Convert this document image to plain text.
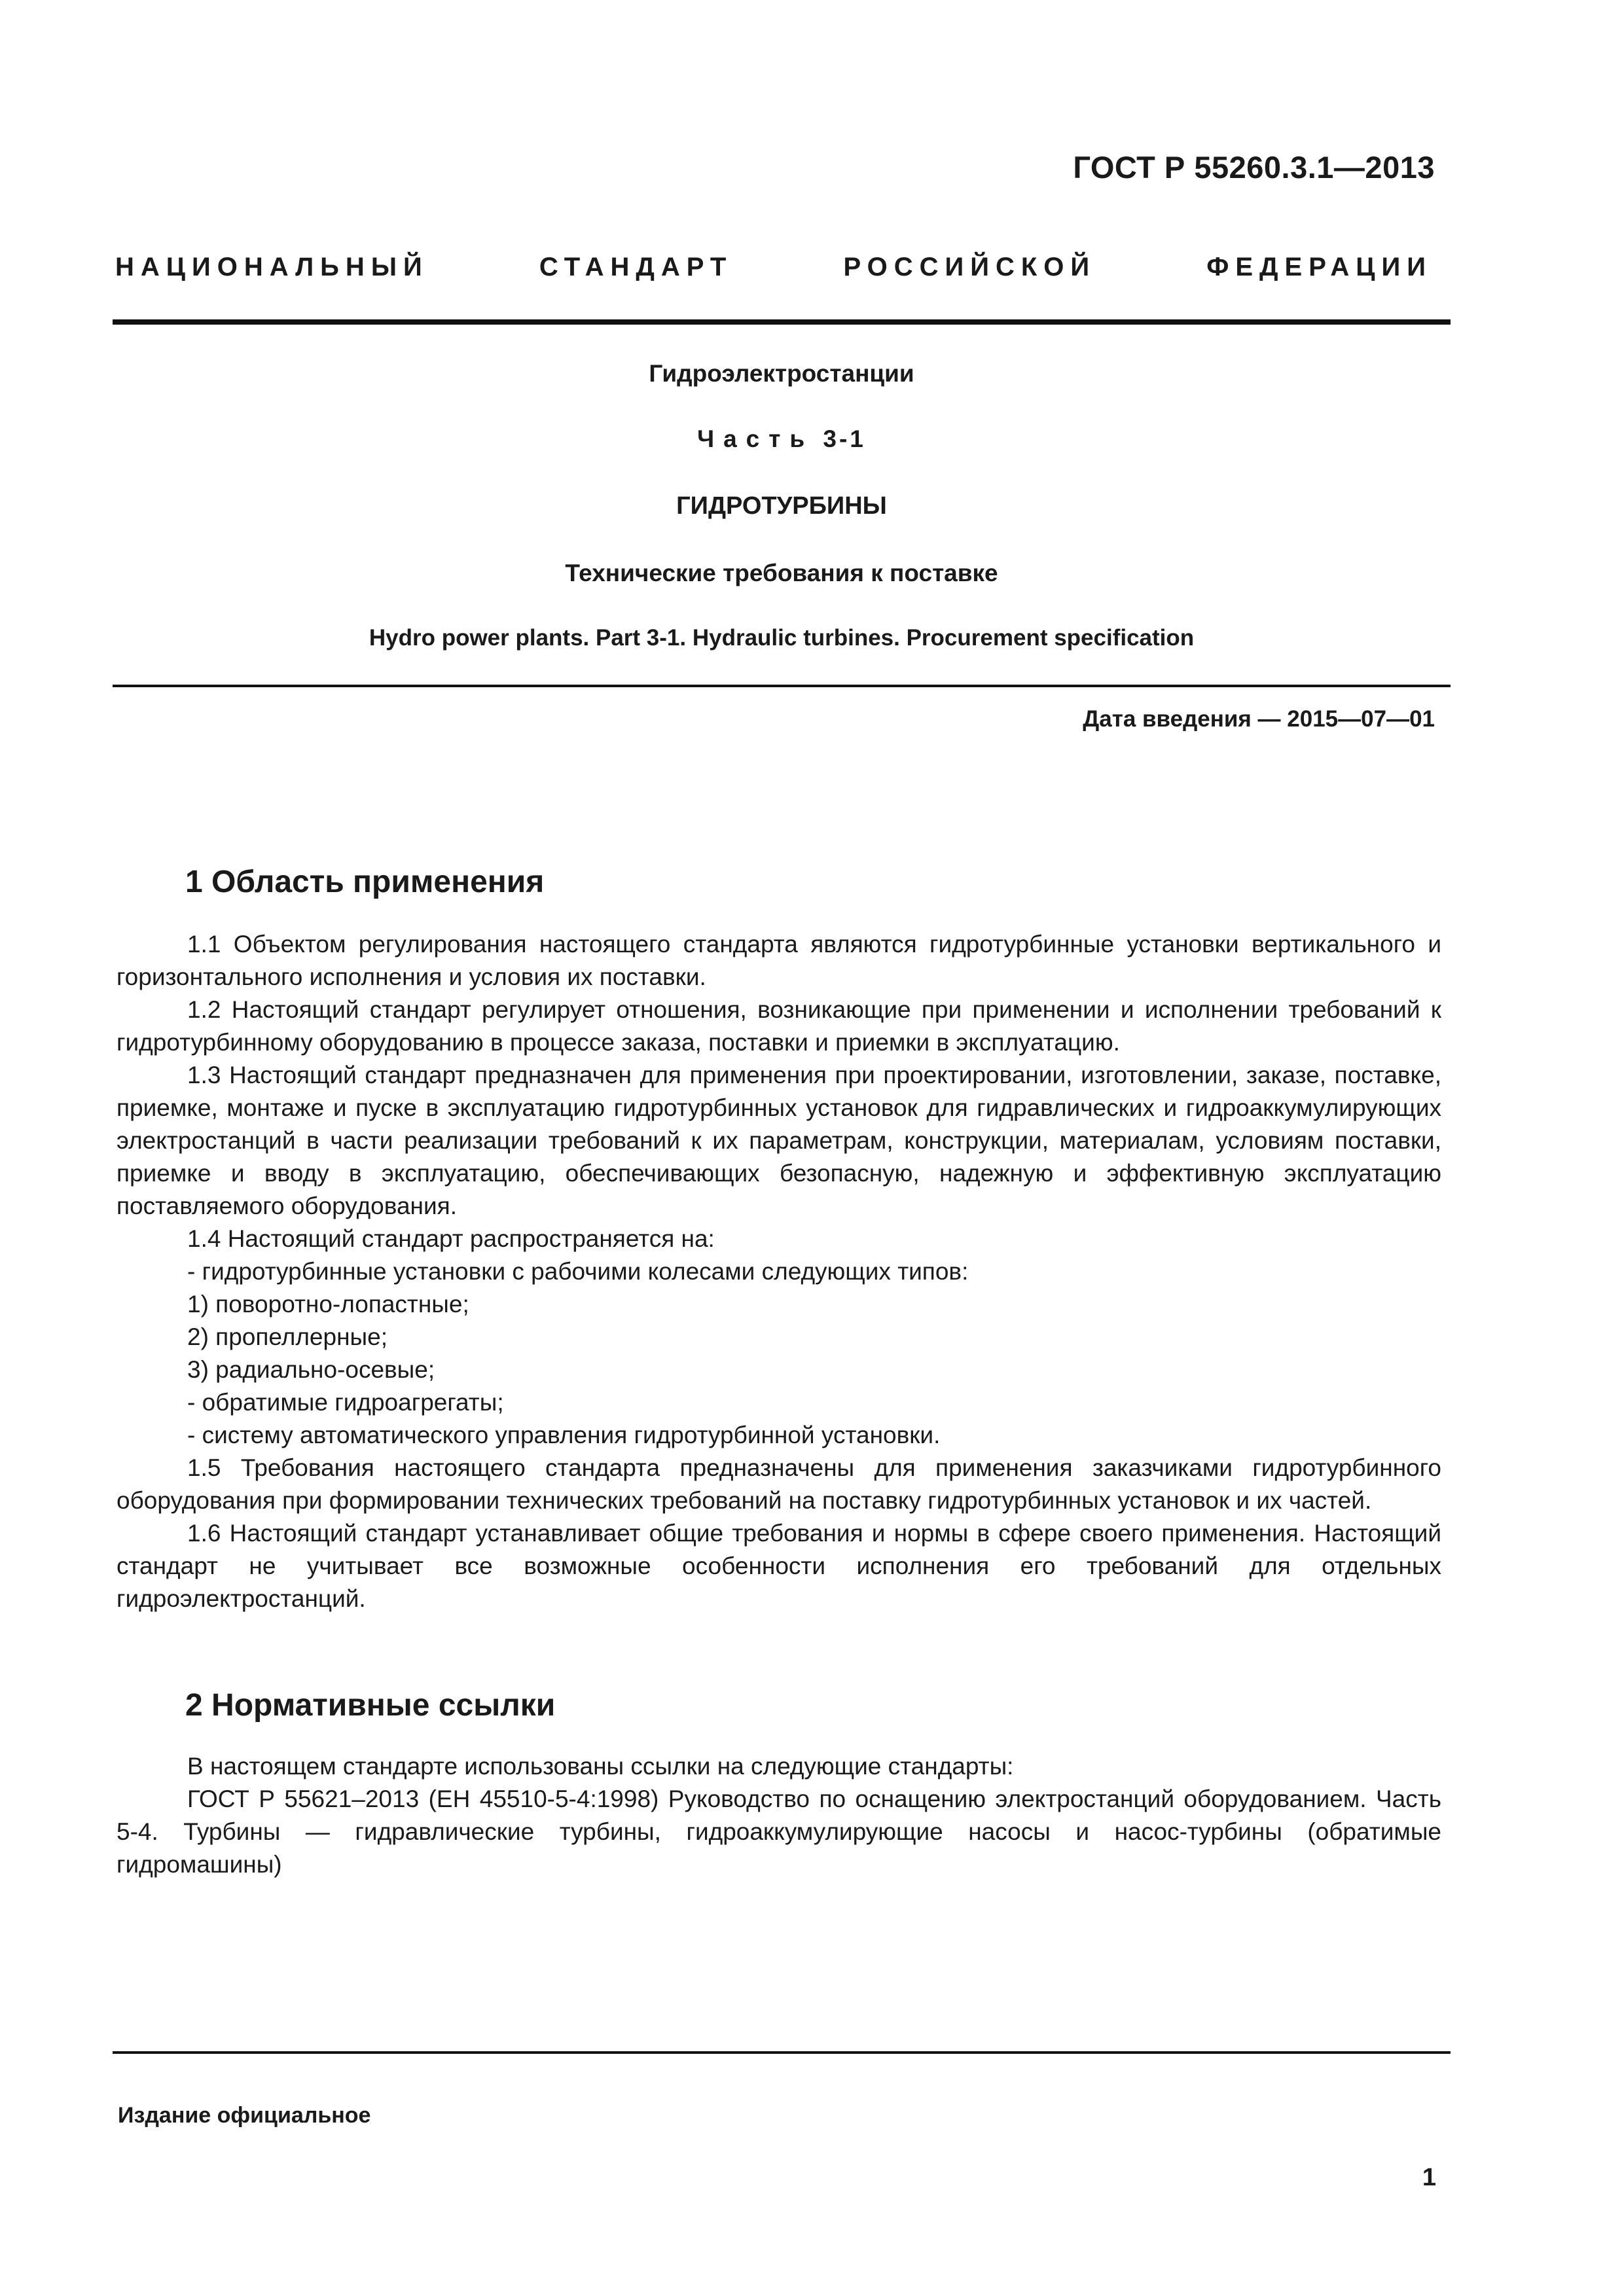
ГОСТ Р 55260.3.1—2013
НАЦИОНАЛЬНЫЙ СТАНДАРТ РОССИЙСКОЙ ФЕДЕРАЦИИ
Гидроэлектростанции
Часть 3-1
ГИДРОТУРБИНЫ
Технические требования к поставке
Hydro power plants. Part 3-1. Hydraulic turbines. Procurement specification
Дата введения — 2015—07—01
1 Область применения

1.1 Объектом регулирования настоящего стандарта являются гидротурбинные установки вертикального и горизонтального исполнения и условия их поставки.

1.2 Настоящий стандарт регулирует отношения, возникающие при применении и исполнении требований к гидротурбинному оборудованию в процессе заказа, поставки и приемки в эксплуатацию.

1.3 Настоящий стандарт предназначен для применения при проектировании, изготовлении, заказе, поставке, приемке, монтаже и пуске в эксплуатацию гидротурбинных установок для гидравлических и гидроаккумулирующих электростанций в части реализации требований к их параметрам, конструкции, материалам, условиям поставки, приемке и вводу в эксплуатацию, обеспечивающих безопасную, надежную и эффективную эксплуатацию поставляемого оборудования.

1.4 Настоящий стандарт распространяется на:

- гидротурбинные установки с рабочими колесами следующих типов:

1) поворотно-лопастные;

2) пропеллерные;

3) радиально-осевые;

- обратимые гидроагрегаты;

- систему автоматического управления гидротурбинной установки.

1.5 Требования настоящего стандарта предназначены для применения заказчиками гидротурбинного оборудования при формировании технических требований на поставку гидротурбинных установок и их частей.

1.6 Настоящий стандарт устанавливает общие требования и нормы в сфере своего применения. Настоящий стандарт не учитывает все возможные особенности исполнения его требований для отдельных гидроэлектростанций.

2 Нормативные ссылки

В настоящем стандарте использованы ссылки на следующие стандарты:

ГОСТ Р 55621–2013 (ЕН 45510-5-4:1998) Руководство по оснащению электростанций оборудованием. Часть 5-4. Турбины — гидравлические турбины, гидроаккумулирующие насосы и насос-турбины (обратимые гидромашины)

Издание официальное
1
